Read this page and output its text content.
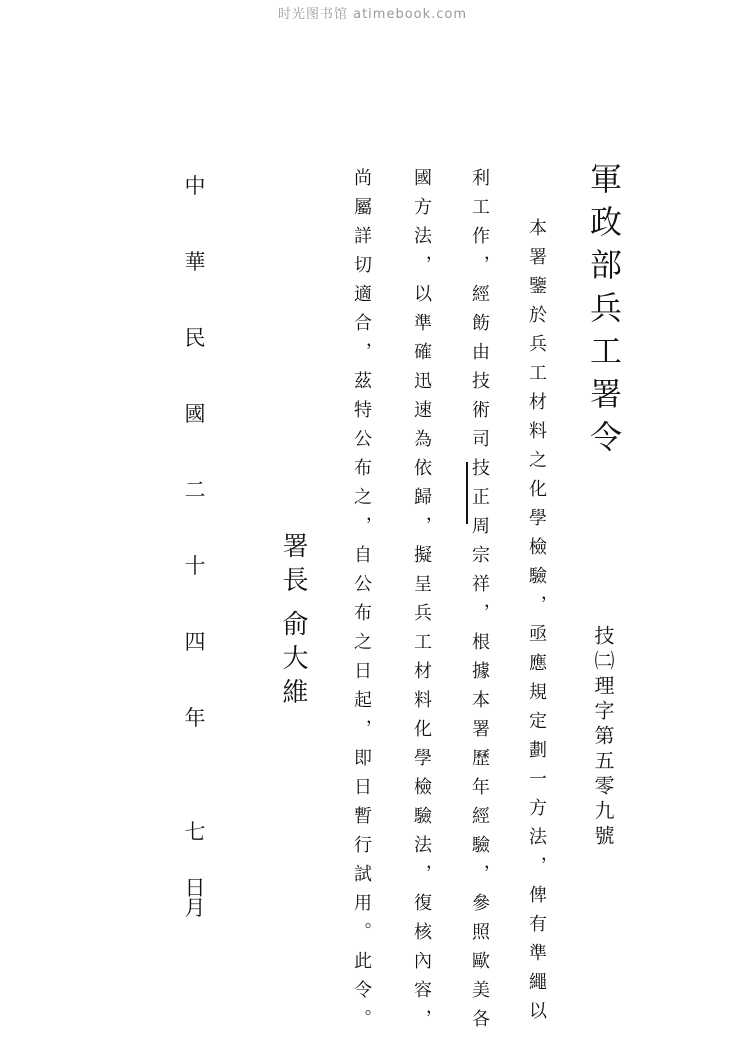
时光图书馆 atimebook.com
軍政部兵工署令
技㈡理字第五零九號
本署鑒於兵工材料之化學檢驗，亟應規定劃一方法，俾有準繩以
利工作，經飭由技術司技正周宗祥，根據本署歷年經驗，參照歐美各
國方法，以準確迅速為依歸，擬呈兵工材料化學檢驗法，復核內容，
尚屬詳切適合，茲特公布之，自公布之日起，即日暫行試用。此令。
署長俞大維
中
華
民
國
二
十
四
年
七
月
日
